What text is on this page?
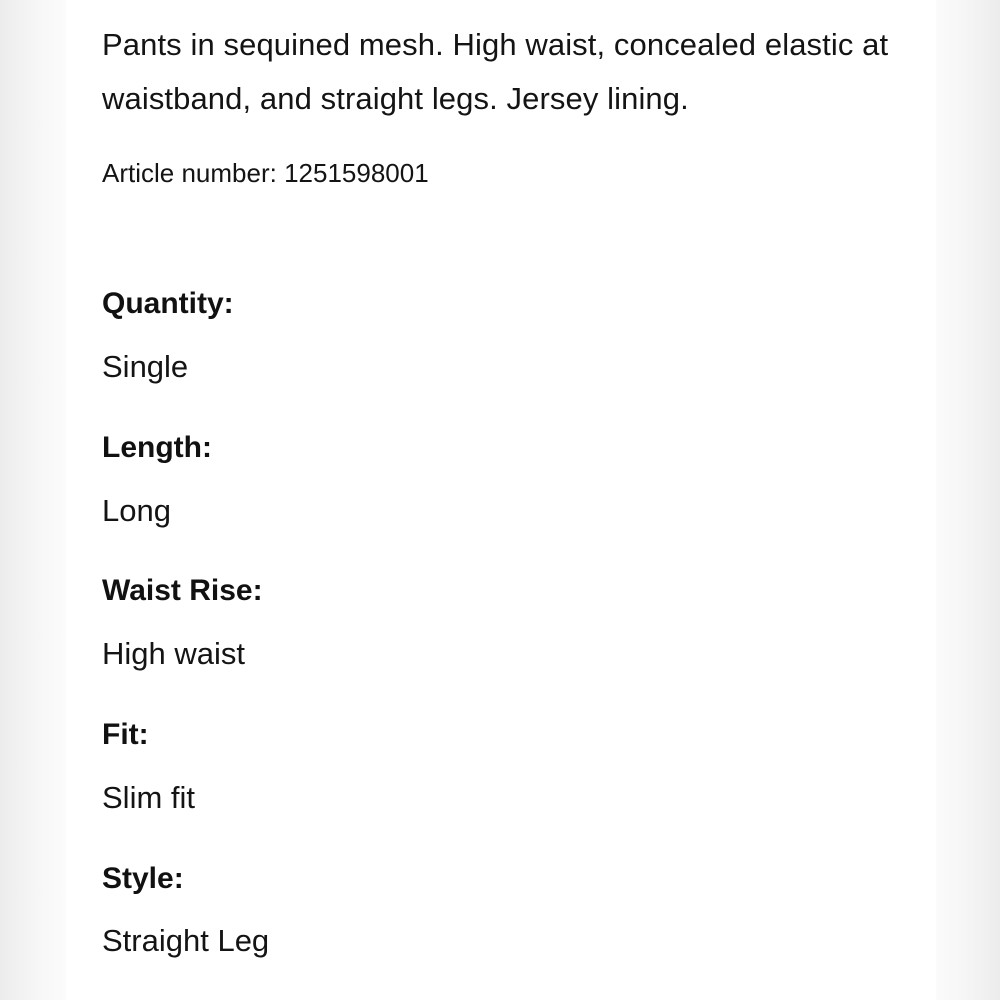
Pants in sequined mesh. High waist, concealed elastic at waistband, and straight legs. Jersey lining.

Article number: 1251598001

Quantity:

Single

Length:

Long

Waist Rise:

High waist

Fit:

Slim fit

Style:

Straight Leg
